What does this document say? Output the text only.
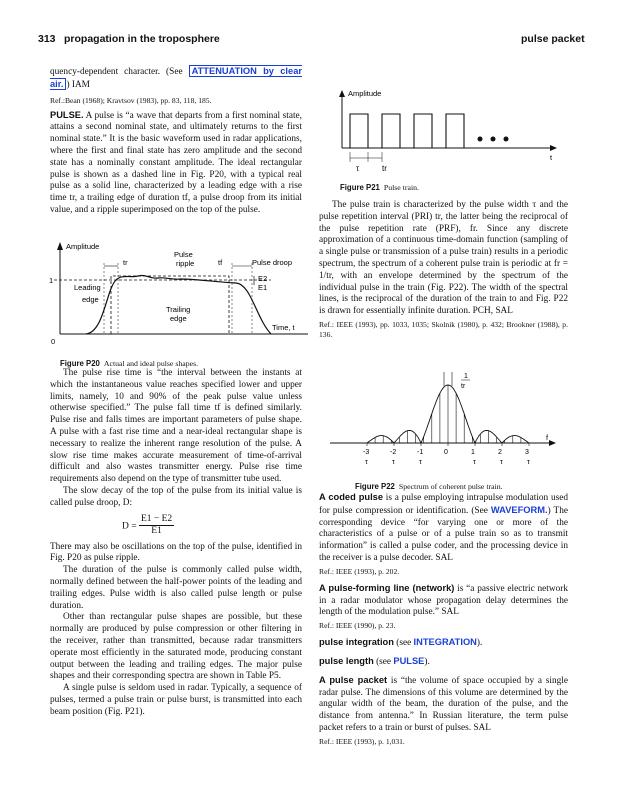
313 propagation in the troposphere	pulse packet

quency-dependent character. (See ATTENUATION by clear air. ) IAM

Ref.:Bean (1968); Kravtsov (1983), pp. 83, 118, 185.

PULSE. A pulse is “a wave that departs from a first nominal state, attains a second nominal state, and ultimately returns to the first nominal state.” It is the basic waveform used in radar applications, where the first and final state has zero amplitude and the second state has a nominally constant amplitude. The ideal rectangular pulse is shown as a dashed line in Fig. P20, with a typical real pulse as a solid line, characterized by a leading edge with a rise time tr, a trailing edge of duration tf, a pulse droop from its initial value, and a ripple superimposed on the top of the pulse.

Amplitude
Pulse
ripple
tr	tf	Pulse droop
E2
E1
1
0
Leading
edge
Trailing
edge
Time, t
Figure P20 Actual and ideal pulse shapes.

The pulse rise time is “the interval between the instants at which the instantaneous value reaches specified lower and upper limits, namely, 10 and 90% of the peak pulse value unless otherwise specified.” The pulse fall time tf is defined similarly. Pulse rise and falls times are important parameters of pulse shape. A pulse with a fast rise time and a near-ideal rectangular shape is necessary to realize the inherent range resolution of the pulse. A slow rise time makes accurate measurement of time-of-arrival difficult and also wastes transmitter energy. Pulse rise time requirements also depend on the type of transmitter tube used.

The slow decay of the top of the pulse from its initial value is called pulse droop, D:

$D = \frac{E1 - E2}{E1}$

There may also be oscillations on the top of the pulse, identified in Fig. P20 as pulse ripple.

The duration of the pulse is commonly called pulse width, normally defined between the half-power points of the leading and trailing edges. Pulse width is also called pulse length or pulse duration.

Other than rectangular pulse shapes are possible, but these normally are produced by pulse compression or other filtering in the receiver, rather than transmitted, because radar transmitters operate most efficiently in the saturated mode, producing constant output between the leading and trailing edges. The major pulse shapes and their corresponding spectra are shown in Table P5.

A single pulse is seldom used in radar. Typically, a sequence of pulses, termed a pulse train or pulse burst, is transmitted into each beam position (Fig. P21).

Amplitude
τ	tr
t
Figure P21 Pulse train.

The pulse train is characterized by the pulse width τ and the pulse repetition interval (PRI) tr, the latter being the reciprocal of the pulse repetition rate (PRF), fr. Since any discrete approximation of a continuous time-domain function (sampling of a single pulse or transmission of a pulse train) results in a periodic spectrum, the spectrum of a coherent pulse train is periodic at fr = 1/tr, with an envelope determined by the spectrum of the individual pulse in the train (Fig. P22). The width of the spectral lines, is the reciprocal of the duration of the train to and Fig. P22 is drawn for essentially infinite duration. PCH, SAL

Ref.: IEEE (1993), pp. 1033, 1035; Skolnik (1980), p. 432; Brookner (1988), p. 136.

1
tr
f
-3
τ
-2
τ
-1
τ
0	1
τ
2
τ
3
τ
Figure P22 Spectrum of coherent pulse train.

A coded pulse is a pulse employing intrapulse modulation used for pulse compression or identification. (See WAVEFORM.) The corresponding device “for varying one or more of the characteristics of a pulse or of a pulse train so as to transmit information” is called a pulse coder, and the processing device in the receiver is a pulse decoder. SAL

Ref.: IEEE (1993), p. 202.

A pulse-forming line (network) is “a passive electric network in a radar modulator whose propagation delay determines the length of the modulation pulse.” SAL

Ref.: IEEE (1990), p. 23.

pulse integration (see INTEGRATION).

pulse length (see PULSE).

A pulse packet is “the volume of space occupied by a single radar pulse. The dimensions of this volume are determined by the angular width of the beam, the duration of the pulse, and the distance from antenna.” In Russian literature, the term pulse packet refers to a train or burst of pulses. SAL

Ref.: IEEE (1993), p. 1,031.
